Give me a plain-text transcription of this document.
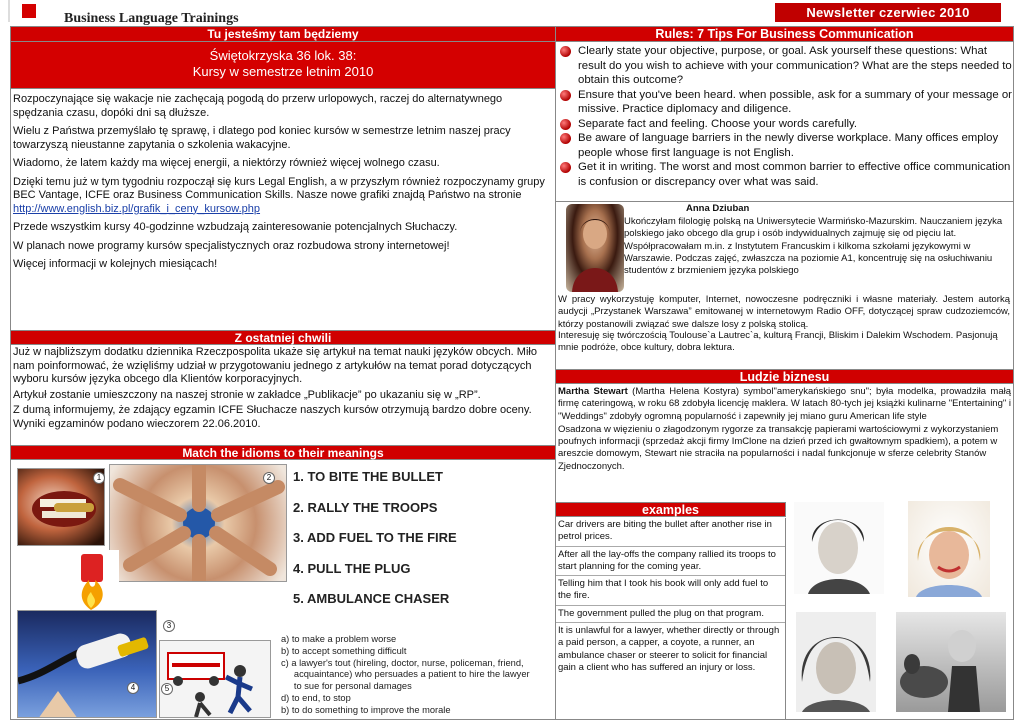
Business Language Trainings	Newsletter czerwiec 2010
Tu jesteśmy tam będziemy
Świętokrzyska 36 lok. 38:
Kursy w semestrze letnim 2010

Rozpoczynające się wakacje nie zachęcają pogodą do przerw urlopowych, raczej do alternatywnego spędzania czasu, dopóki dni są dłuższe.

Wielu z Państwa przemyślało tę sprawę, i dlatego pod koniec kursów w semestrze letnim naszej pracy towarzyszą nieustanne zapytania o szkolenia wakacyjne.

Wiadomo, że latem każdy ma więcej energii, a niektórzy również więcej wolnego czasu.

Dzięki temu już w tym tygodniu rozpoczął się kurs Legal English, a w przyszłym również rozpoczynamy grupy BEC Vantage, ICFE oraz Business Communication Skills. Nasze nowe grafiki znajdą Państwo na stronie http://www.english.biz.pl/grafik_i_ceny_kursow.php

Przede wszystkim kursy 40-godzinne wzbudzają zainteresowanie potencjalnych Słuchaczy.

W planach nowe programy kursów specjalistycznych oraz rozbudowa strony internetowej!

Więcej informacji w kolejnych miesiącach!

Z ostatniej chwili

Już w najbliższym dodatku dziennika Rzeczpospolita ukaże się artykuł na temat nauki języków obcych. Miło nam poinformować, że wzięliśmy udział w przygotowaniu jednego z artykułów na temat porad dotyczących wyboru kursów języka obcego dla Klientów korporacyjnych.

Artykuł zostanie umieszczony na naszej stronie w zakładce „Publikacje” po ukazaniu się w „RP”.

Z dumą informujemy, że zdający egzamin ICFE Słuchacze naszych kursów otrzymują bardzo dobre oceny. Wyniki egzaminów podano wieczorem 22.06.2010.

Match the idioms to their meanings
1	2
3
4	5
1. TO BITE THE BULLET
2. RALLY THE TROOPS
3. ADD FUEL TO THE FIRE
4. PULL THE PLUG
5. AMBULANCE CHASER
a) to make a problem worse
b) to accept something difficult
c) a lawyer's tout (hireling, doctor, nurse, policeman, friend,
acquaintance) who persuades a patient to hire the lawyer
to sue for personal damages
d) to end, to stop
b) to do something to improve the morale
Rules: 7 Tips For Business Communication
Clearly state your objective, purpose, or goal. Ask yourself these questions: What result do you wish to achieve with your communication? What are the steps needed to obtain this outcome?
Ensure that you've been heard. when possible, ask for a summary of your message or missive. Practice diplomacy and diligence.
Separate fact and feeling. Choose your words carefully.
Be aware of language barriers in the newly diverse workplace. Many offices employ people whose first language is not English.
Get it in writing. The worst and most common barrier to effective office communication is confusion or discrepancy over what was said.
Anna Dziuban
Ukończyłam filologię polską na Uniwersytecie Warmińsko-Mazurskim. Nauczaniem języka polskiego jako obcego dla grup i osób indywidualnych zajmuję się od pięciu lat. Współpracowałam m.in. z Instytutem Francuskim i kilkoma szkołami językowymi w Warszawie. Podczas zajęć, zwłaszcza na poziomie A1, koncentruję się na osłuchiwaniu studentów z brzmieniem języka polskiego
W pracy wykorzystuję komputer, Internet, nowoczesne podręczniki i własne materiały. Jestem autorką audycji „Przystanek Warszawa” emitowanej w internetowym Radio OFF, dotyczącej spraw cudzoziemców, którzy postanowili związać swe dalsze losy z polską stolicą.
Interesuję się twórczością Toulouse`a Lautrec`a, kulturą Francji, Bliskim i Dalekim Wschodem. Pasjonują mnie podróże, obce kultury, dobra lektura.
Ludzie biznesu

Martha Stewart (Martha Helena Kostyra) symbol"amerykańskiego snu"; była modelka, prowadziła małą firmę cateringową, w roku 68 zdobyła licencję maklera. W latach 80-tych jej książki kulinarne "Entertaining" i "Weddings" zdobyły ogromną popularność i zapewniły jej miano guru American life style

Osadzona w więzieniu o złagodzonym rygorze za transakcję papierami wartościowymi z wykorzystaniem poufnych informacji (sprzedaż akcji firmy ImClone na dzień przed ich gwałtownym spadkiem), a potem w areszcie domowym, Stewart nie straciła na popularności i nadal funkcjonuje w sferze celebrity Stanów Zjednoczonych.

examples
Car drivers are biting the bullet after another rise in petrol prices.
After all the lay-offs the company rallied its troops to start planning for the coming year.
Telling him that I took his book will only add fuel to the fire.
The government pulled the plug on that program.
It is unlawful for a lawyer, whether directly or through a paid person, a capper, a coyote, a runner, an ambulance chaser or steerer to solicit for financial gain a client who has suffered an injury or loss.
